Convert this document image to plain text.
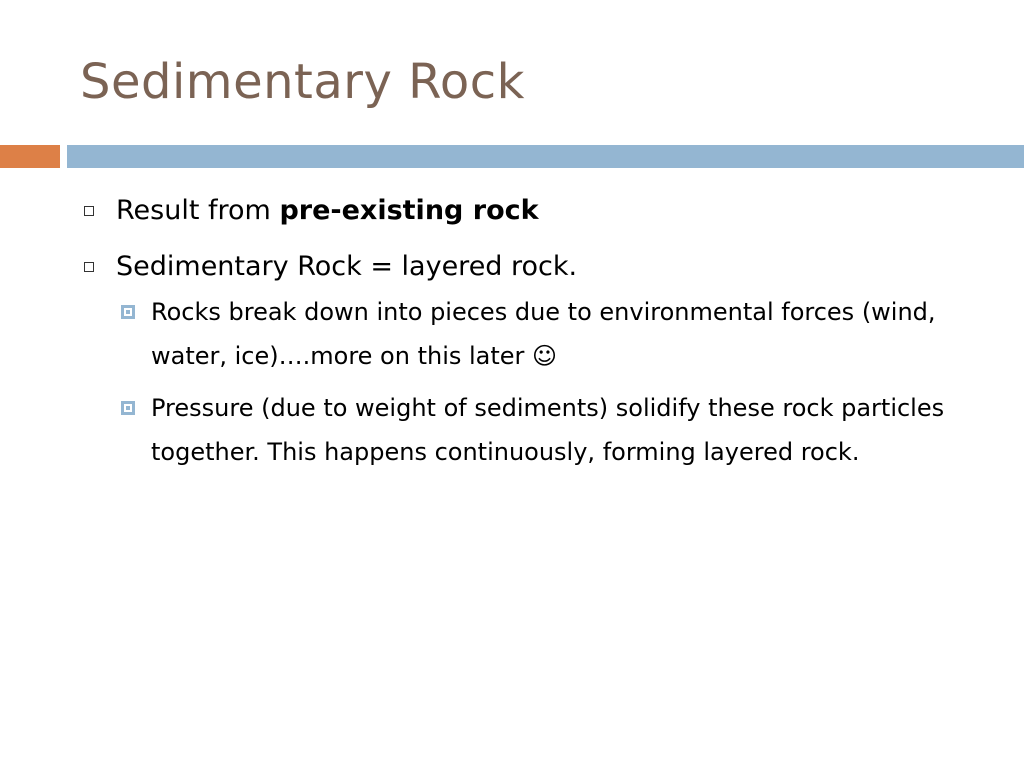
Sedimentary Rock
Result from pre-existing rock
Sedimentary Rock = layered rock.
Rocks break down into pieces due to environmental forces (wind, water, ice)….more on this later ☺
Pressure (due to weight of sediments) solidify these rock particles together. This happens continuously, forming layered rock.
